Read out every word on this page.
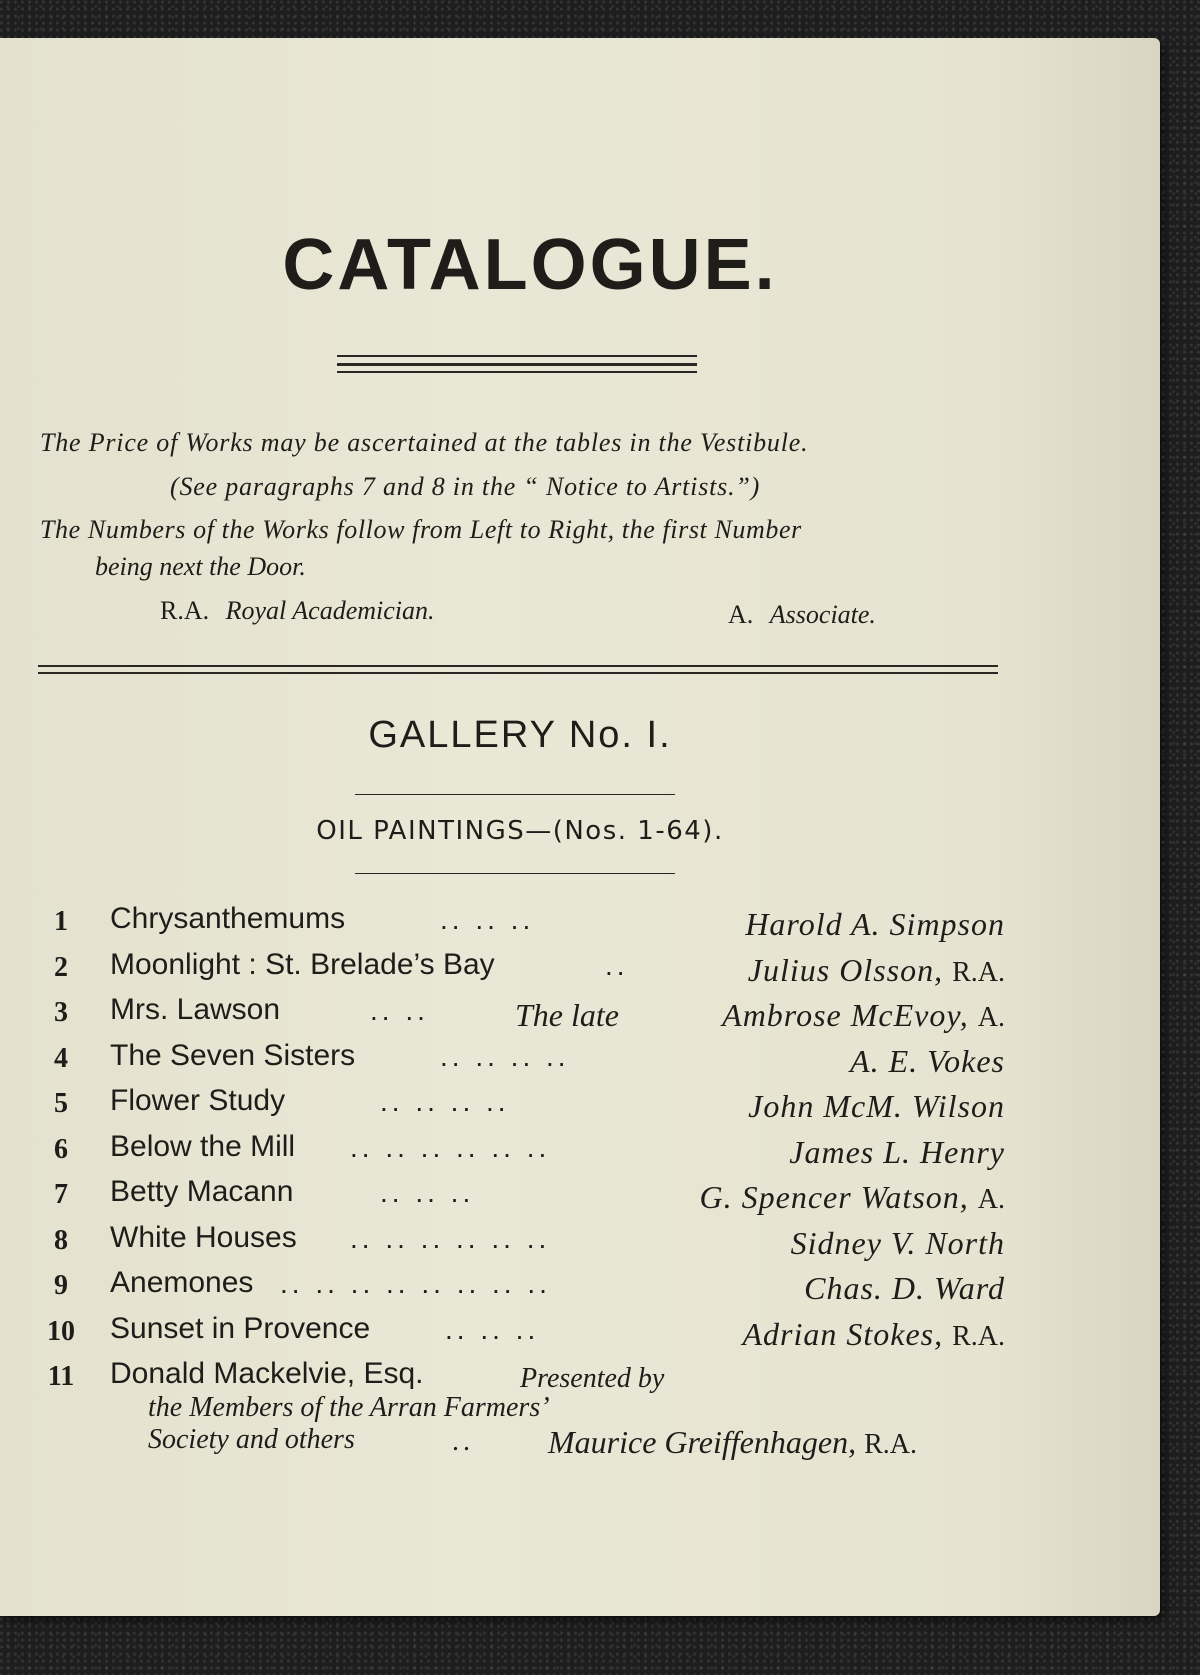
CATALOGUE.
The Price of Works may be ascertained at the tables in the Vestibule.
(See paragraphs 7 and 8 in the “ Notice to Artists.”)
The Numbers of the Works follow from Left to Right, the first Number
being next the Door.
R.A. Royal Academician.	A. Associate.
GALLERY No. I.
OIL PAINTINGS—(Nos. 1-64).
1	Chrysanthemums	.. .. ..	Harold A. Simpson
2	Moonlight : St. Brelade’s Bay	..	Julius Olsson, R.A.
3	Mrs. Lawson	.. ..	The late	Ambrose McEvoy, A.
4	The Seven Sisters	.. .. .. ..	A. E. Vokes
5	Flower Study	.. .. .. ..	John McM. Wilson
6	Below the Mill .. .. .. .. .. ..	James L. Henry
7	Betty Macann	.. .. ..	G. Spencer Watson, A.
8	White Houses .. .. .. .. .. ..	Sidney V. North
9	Anemones .. .. .. .. .. .. .. ..	Chas. D. Ward
10 Sunset in Provence	.. .. ..	Adrian Stokes, R.A.
11 Donald Mackelvie, Esq.	Presented by
the Members of the Arran Farmers’
Society and others	.. Maurice Greiffenhagen, R.A.
